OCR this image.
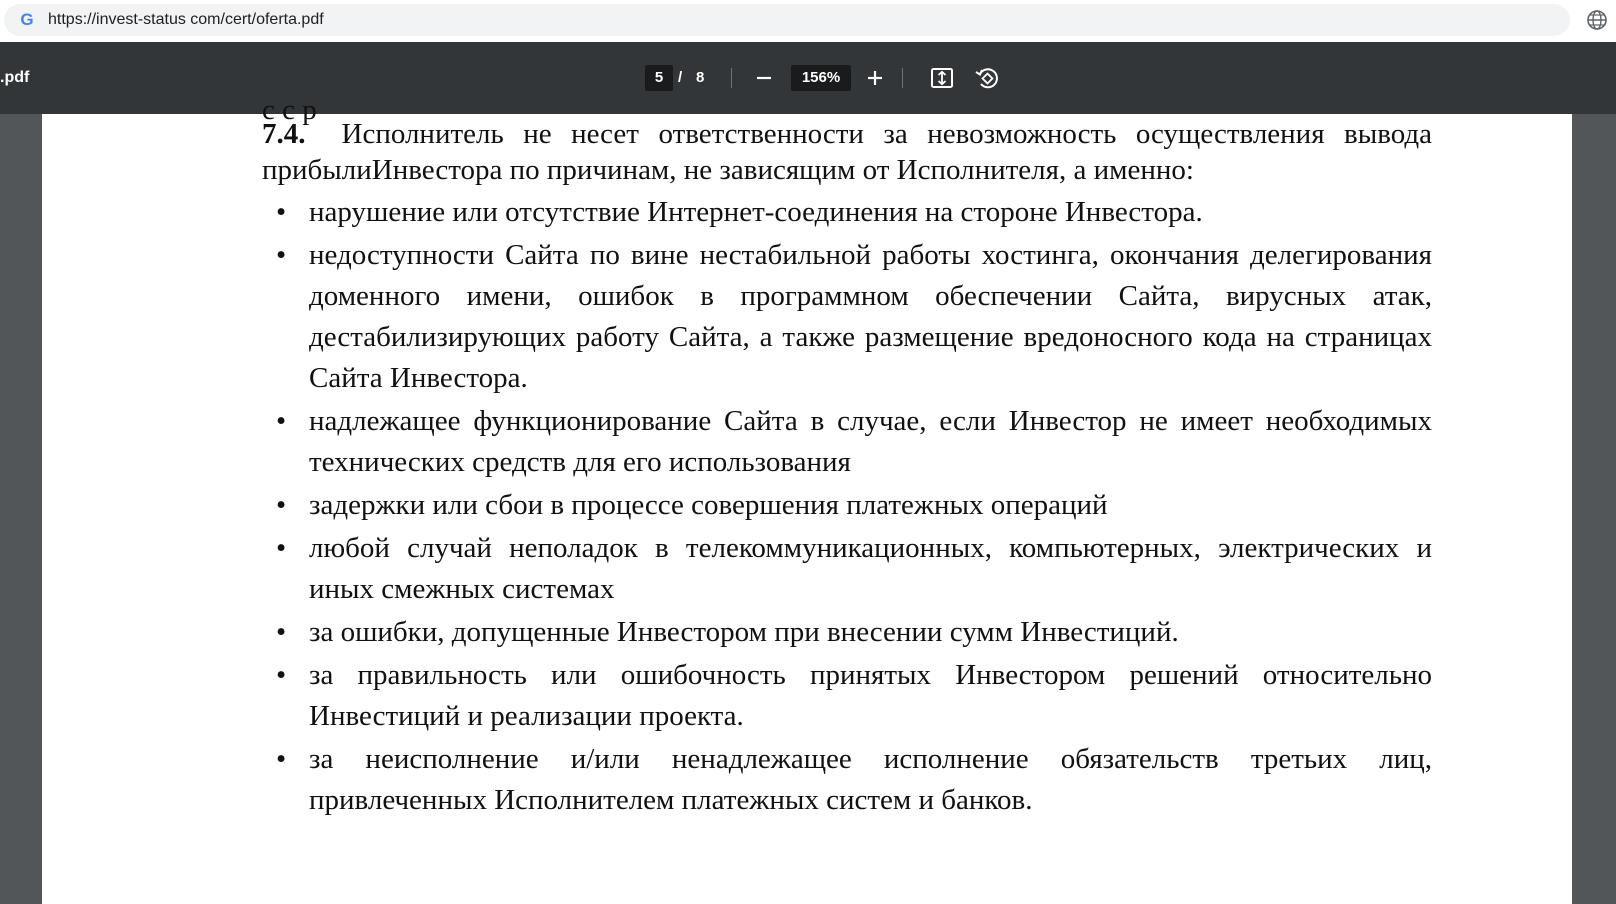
G https://invest-status com/cert/oferta.pdf
.pdf	5 / 8	156%
с с р

7.4. Исполнитель не несет ответственности за невозможность осуществления вывода прибылиИнвестора по причинам, не зависящим от Исполнителя, а именно:

• нарушение или отсутствие Интернет-соединения на стороне Инвестора.

• недоступности Сайта по вине нестабильной работы хостинга, окончания делегирования доменного имени, ошибок в программном обеспечении Сайта, вирусных атак, дестабилизирующих работу Сайта, а также размещение вредоносного кода на страницах Сайта Инвестора.

• надлежащее функционирование Сайта в случае, если Инвестор не имеет необходимых технических средств для его использования

• задержки или сбои в процессе совершения платежных операций

• любой случай неполадок в телекоммуникационных, компьютерных, электрических и иных смежных системах

• за ошибки, допущенные Инвестором при внесении сумм Инвестиций.

• за правильность или ошибочность принятых Инвестором решений относительно Инвестиций и реализации проекта.

• за неисполнение и/или ненадлежащее исполнение обязательств третьих лиц, привлеченных Исполнителем платежных систем и банков.
